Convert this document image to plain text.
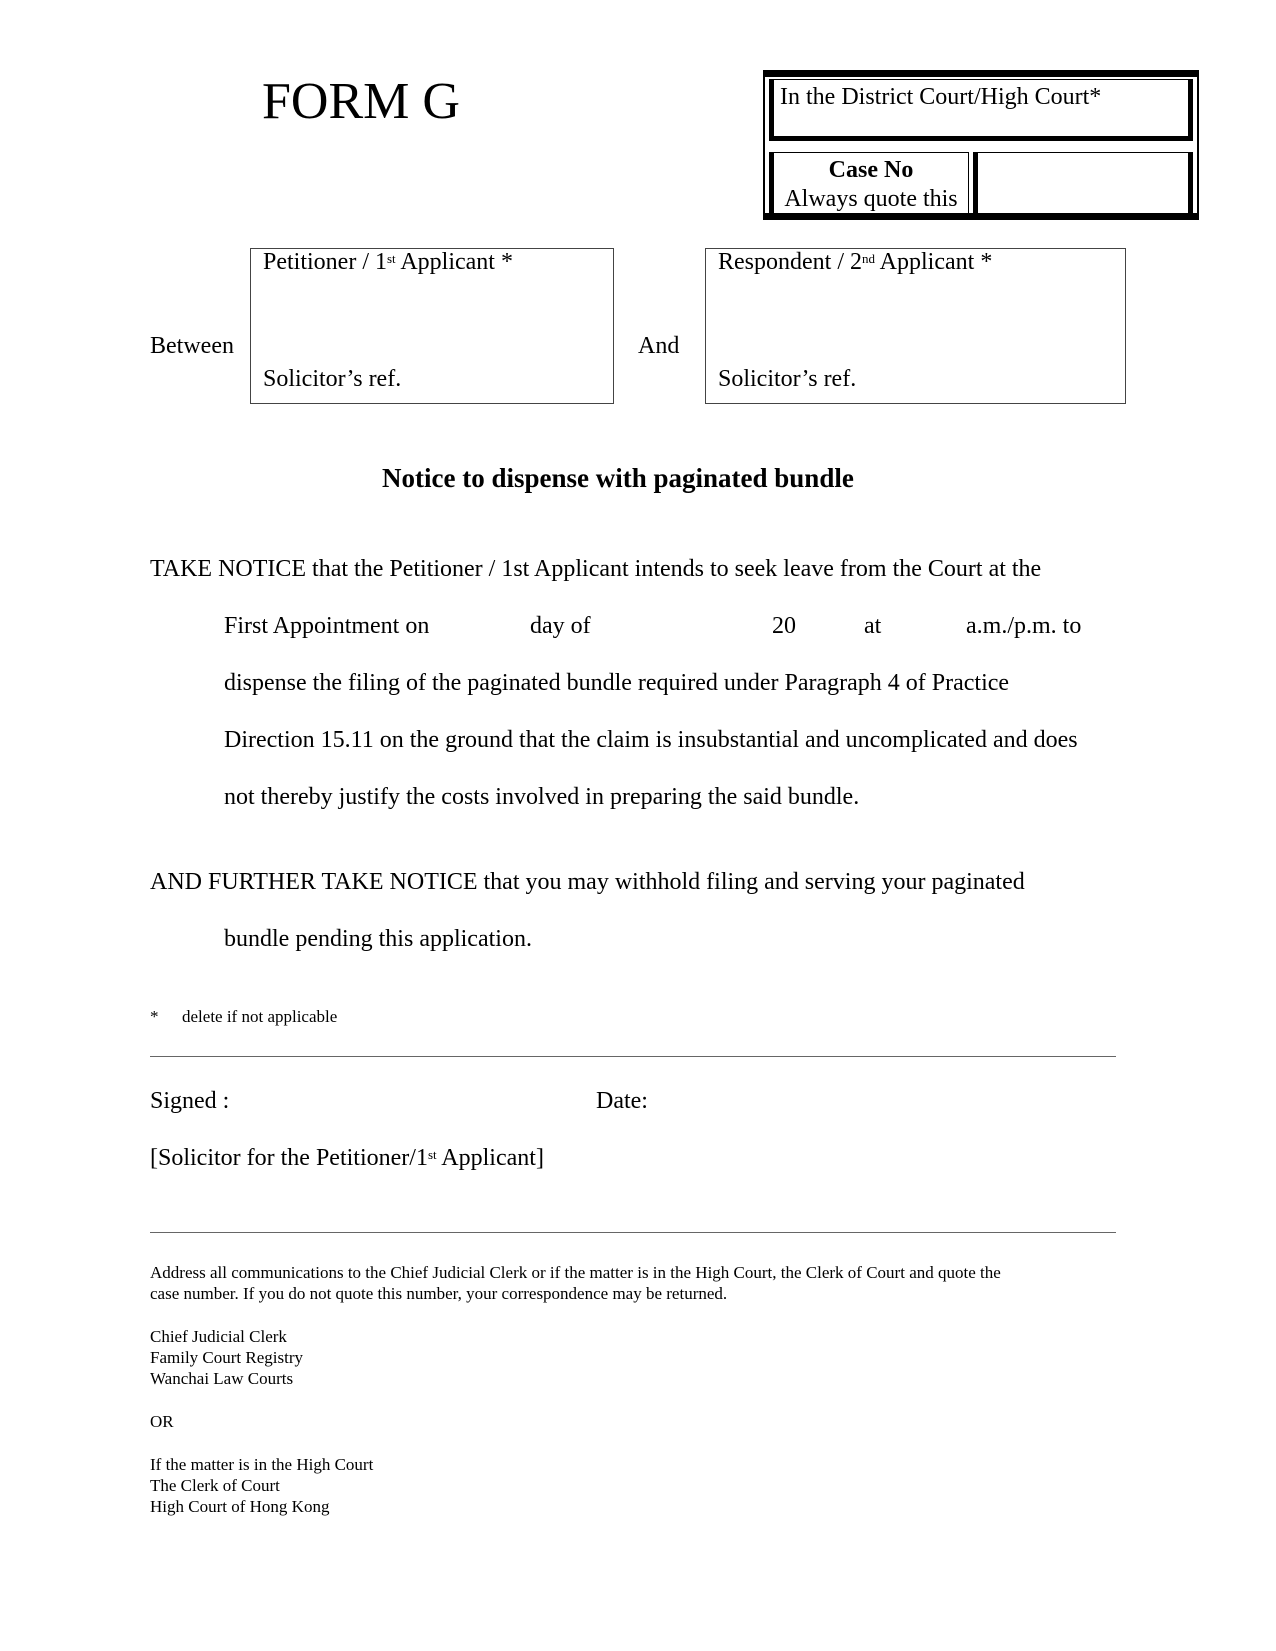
FORM G	In the District Court/High Court*
Case No
Always quote this
Between
Petitioner / 1st Applicant *
Solicitor’s ref.
And
Respondent / 2nd Applicant *
Solicitor’s ref.
Notice to dispense with paginated bundle
TAKE NOTICE that the Petitioner / 1st Applicant intends to seek leave from the Court at the
First Appointment on	day of	20	at	a.m./p.m. to
dispense the filing of the paginated bundle required under Paragraph 4 of Practice
Direction 15.11 on the ground that the claim is insubstantial and uncomplicated and does
not thereby justify the costs involved in preparing the said bundle.
AND FURTHER TAKE NOTICE that you may withhold filing and serving your paginated
bundle pending this application.
* delete if not applicable
Signed :	Date:
[Solicitor for the Petitioner/1st Applicant]
Address all communications to the Chief Judicial Clerk or if the matter is in the High Court, the Clerk of Court and quote the
case number. If you do not quote this number, your correspondence may be returned.
Chief Judicial Clerk
Family Court Registry
Wanchai Law Courts
OR
If the matter is in the High Court
The Clerk of Court
High Court of Hong Kong
